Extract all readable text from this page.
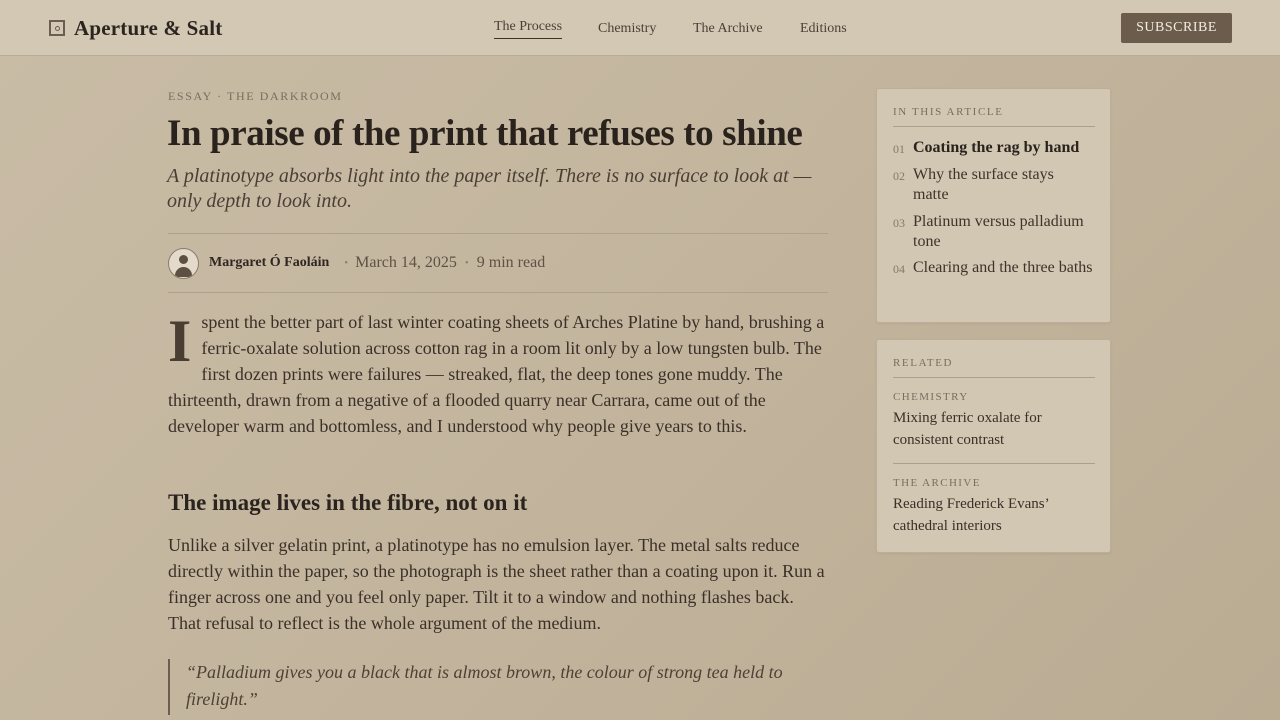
Aperture & Salt	The Process	Chemistry	The Archive	Editions	SUBSCRIBE
ESSAY · THE DARKROOM
In praise of the print that refuses to shine

A platinotype absorbs light into the paper itself. There is no surface to look at — only depth to look into.

Margaret Ó Faoláin • March 14, 2025 • 9 min read

Ispent the better part of last winter coating sheets of Arches Platine by hand, brushing a ferric-oxalate solution across cotton rag in a room lit only by a low tungsten bulb. The first dozen prints were failures — streaked, flat, the deep tones gone muddy. The thirteenth, drawn from a negative of a flooded quarry near Carrara, came out of the developer warm and bottomless, and I understood why people give years to this.

The image lives in the fibre, not on it

Unlike a silver gelatin print, a platinotype has no emulsion layer. The metal salts reduce directly within the paper, so the photograph is the sheet rather than a coating upon it. Run a finger across one and you feel only paper. Tilt it to a window and nothing flashes back. That refusal to reflect is the whole argument of the medium.

“Palladium gives you a black that is almost brown, the colour of strong tea held to firelight.”
IN THIS ARTICLE
01 Coating the rag by hand
02 Why the surface stays matte
03 Platinum versus palladium tone
04 Clearing and the three baths
RELATED
CHEMISTRY
Mixing ferric oxalate for consistent contrast
THE ARCHIVE
Reading Frederick Evans’ cathedral interiors
